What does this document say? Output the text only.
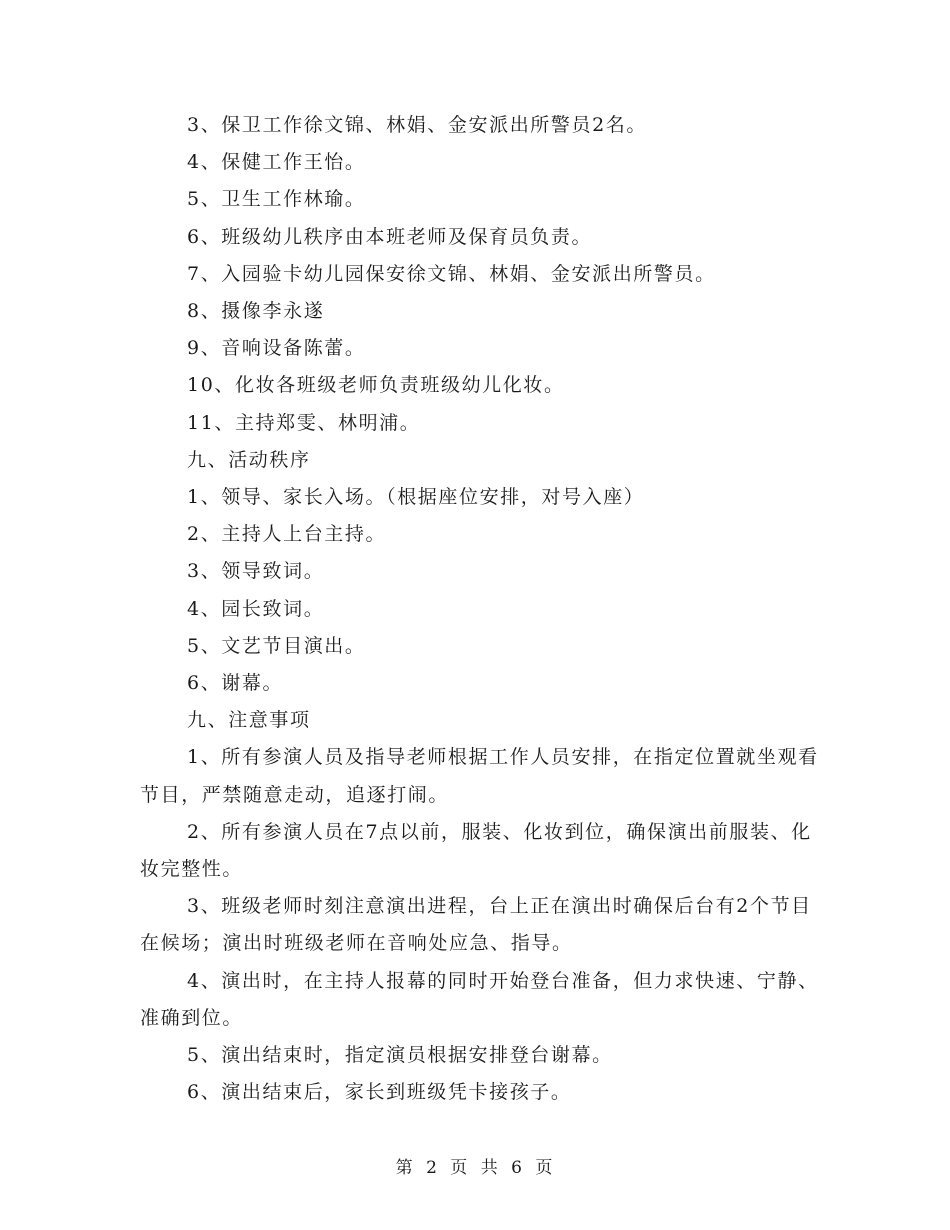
3、保卫工作徐文锦、林娟、金安派出所警员2名。

4、保健工作王怡。

5、卫生工作林瑜。

6、班级幼儿秩序由本班老师及保育员负责。

7、入园验卡幼儿园保安徐文锦、林娟、金安派出所警员。

8、摄像李永遂

9、音响设备陈蕾。

10、化妆各班级老师负责班级幼儿化妆。

11、主持郑雯、林明浦。

九、活动秩序

1、领导、家长入场。（根据座位安排，对号入座）

2、主持人上台主持。

3、领导致词。

4、园长致词。

5、文艺节目演出。

6、谢幕。

九、注意事项

1、所有参演人员及指导老师根据工作人员安排，在指定位置就坐观看节目，严禁随意走动，追逐打闹。

2、所有参演人员在7点以前，服装、化妆到位，确保演出前服装、化妆完整性。

3、班级老师时刻注意演出进程，台上正在演出时确保后台有2个节目在候场；演出时班级老师在音响处应急、指导。

4、演出时，在主持人报幕的同时开始登台准备，但力求快速、宁静、准确到位。

5、演出结束时，指定演员根据安排登台谢幕。

6、演出结束后，家长到班级凭卡接孩子。

第 2 页 共 6 页
